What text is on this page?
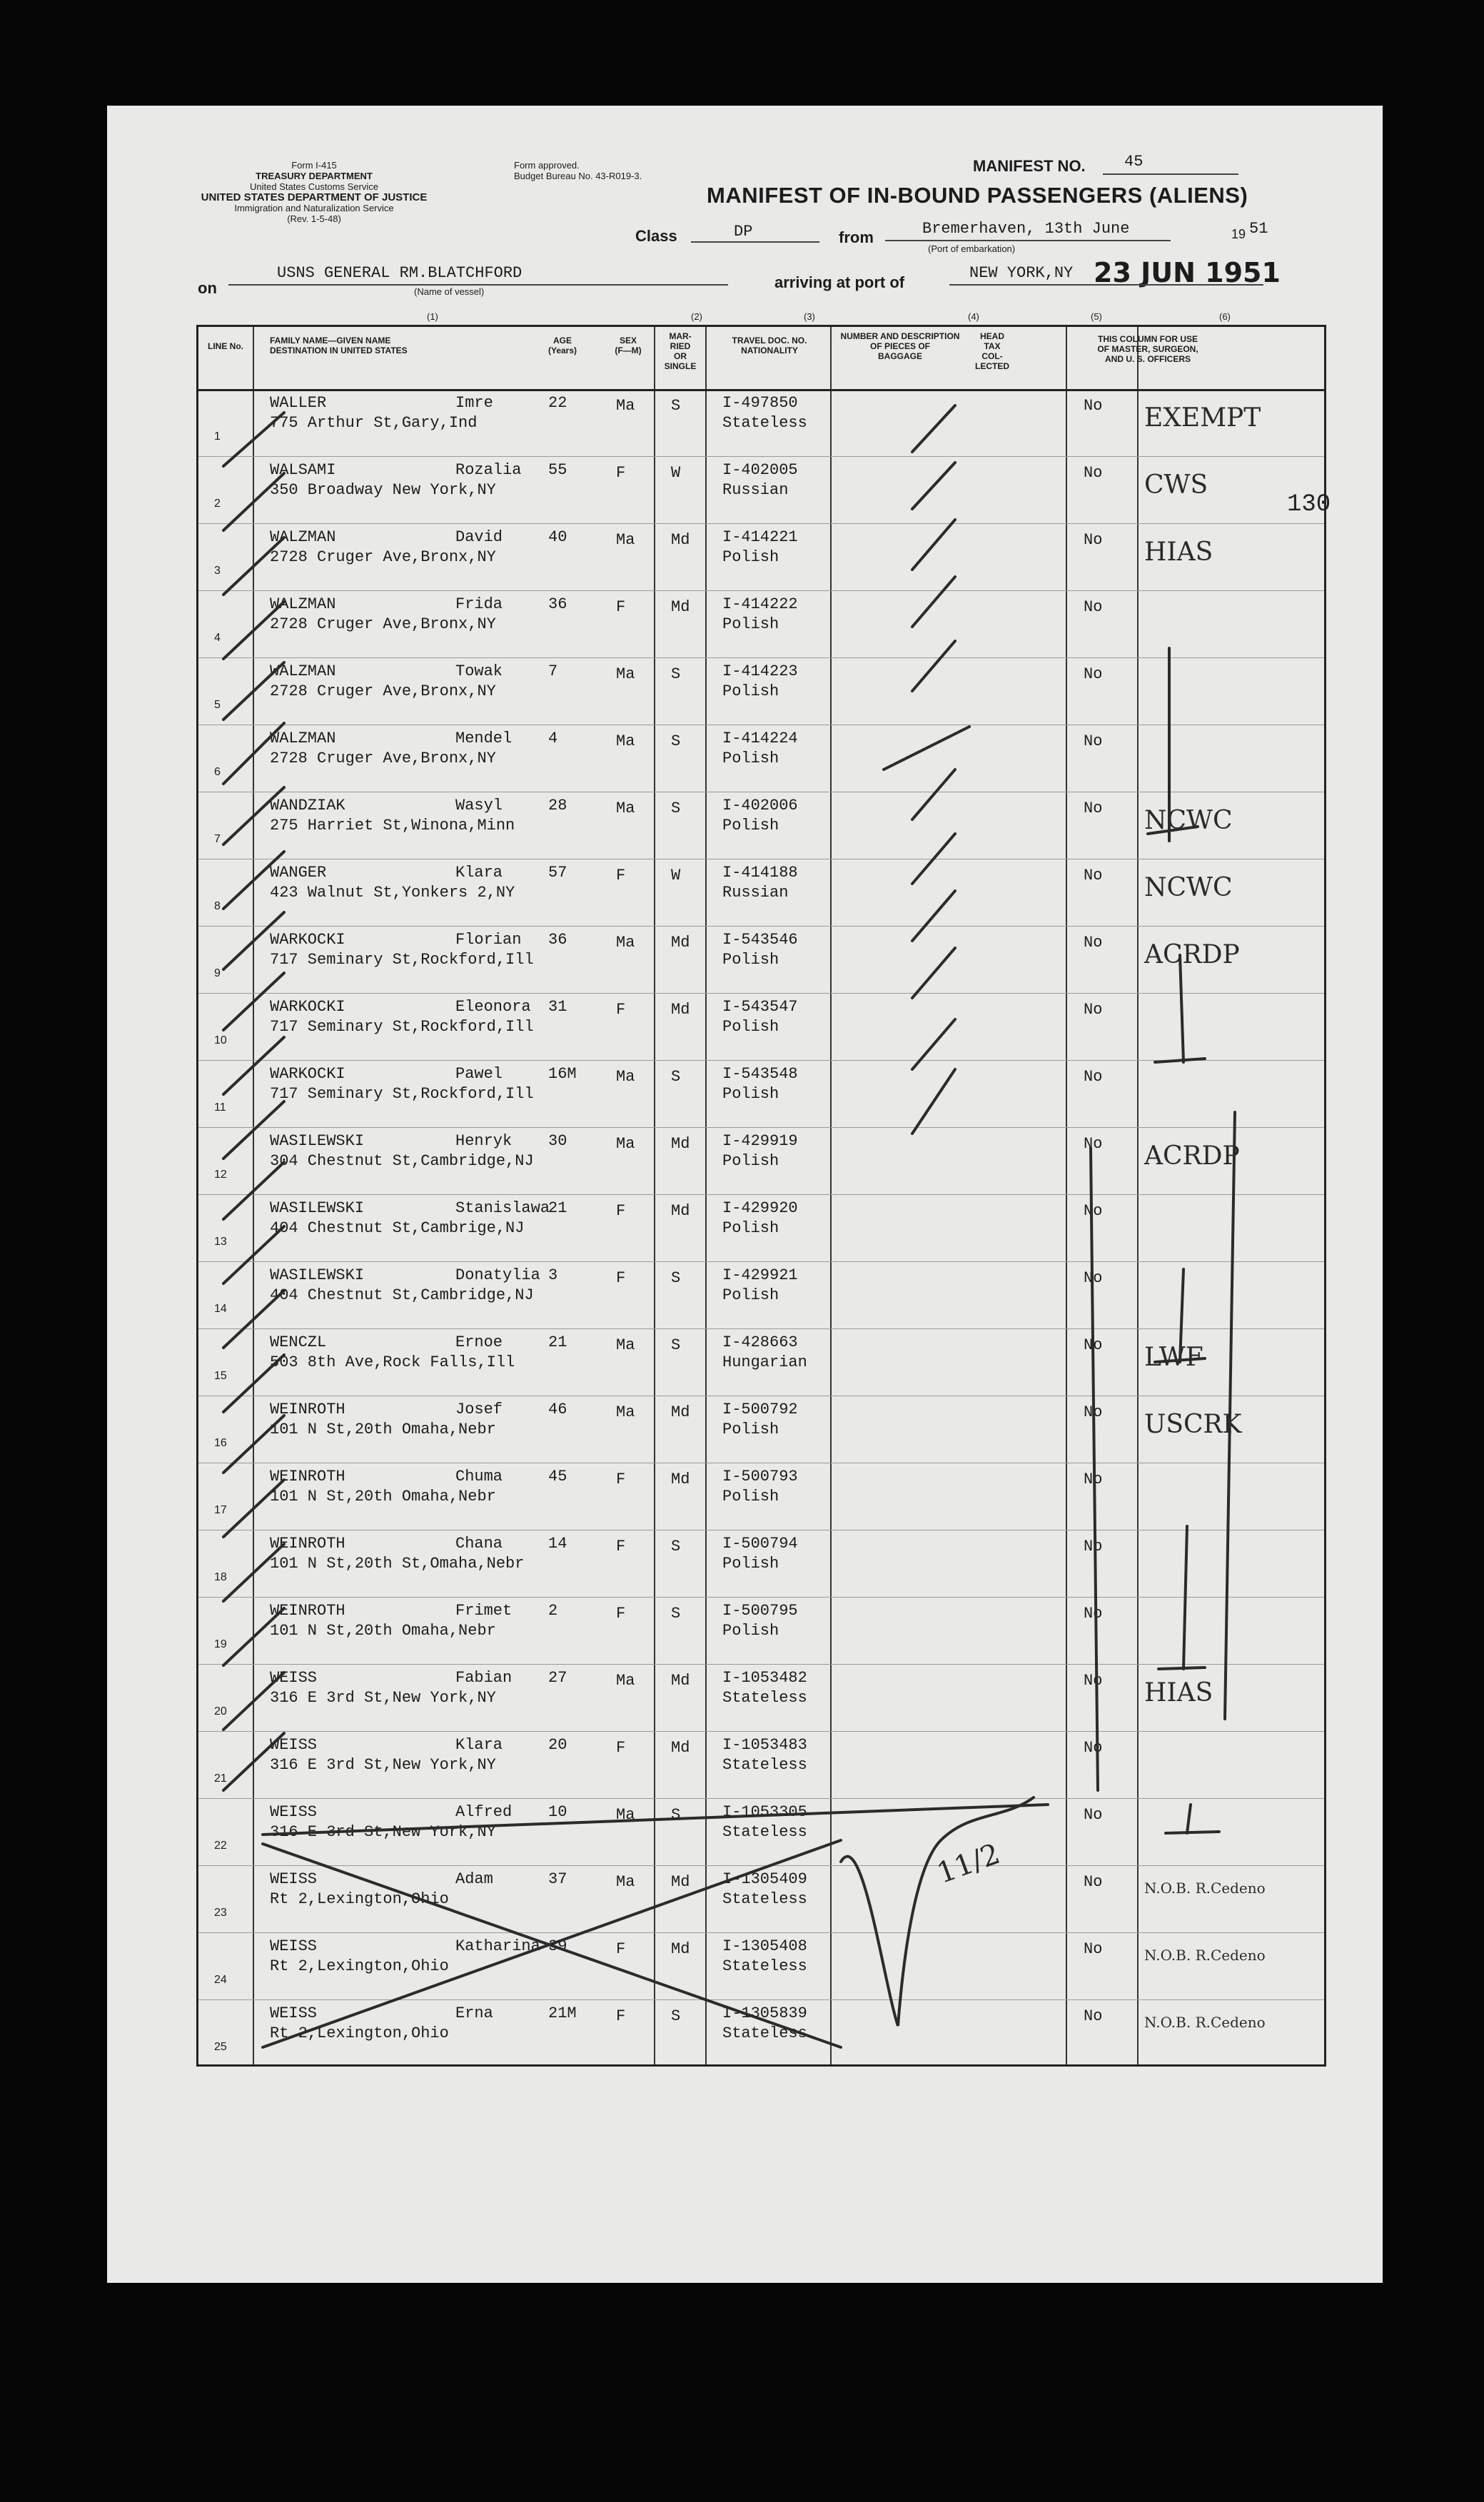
Form I-415
TREASURY DEPARTMENT
United States Customs Service
UNITED STATES DEPARTMENT OF JUSTICE
Immigration and Naturalization Service
(Rev. 1-5-48)
Form approved.
Budget Bureau No. 43-R019-3.
MANIFEST NO. 45
MANIFEST OF IN-BOUND PASSENGERS (ALIENS)
Class	DP	from	Bremerhaven, 13th June	19 51
(Port of embarkation)
on
USNS GENERAL RM.BLATCHFORD
(Name of vessel)
arriving at port of
NEW YORK,NY 23 JUN 1951
(1)	(2)	(3)	(4)	(5)	(6)
LINE No.
FAMILY NAME—GIVEN NAME
DESTINATION IN UNITED STATES
AGE
(Years)
SEX
(F—M)
MAR-
RIED
OR
SINGLE
TRAVEL DOC. NO.
NATIONALITY
NUMBER AND DESCRIPTION
OF PIECES OF
BAGGAGE
HEAD
TAX
COL-
LECTED
THIS COLUMN FOR USE
OF MASTER, SURGEON,
AND U. S. OFFICERS
1
WALLER	Imre
775 Arthur St,Gary,Ind
22	Ma S	I-497850
Stateless
No EXEMPT
2
WALSAMI	Rozalia
350 Broadway New York,NY
55	F	W	I-402005
Russian
No CWS
3
WALZMAN	David
2728 Cruger Ave,Bronx,NY
40	Ma Md I-414221
Polish
No HIAS
4
WALZMAN	Frida
2728 Cruger Ave,Bronx,NY
36	F	Md I-414222
Polish
No
5
WALZMAN	Towak
2728 Cruger Ave,Bronx,NY
7	Ma S	I-414223
Polish
No
6
WALZMAN	Mendel
2728 Cruger Ave,Bronx,NY
4	Ma S	I-414224
Polish
No
7
WANDZIAK	Wasyl
275 Harriet St,Winona,Minn
28	Ma S	I-402006
Polish
No NCWC
8
WANGER	Klara
423 Walnut St,Yonkers 2,NY
57	F	W	I-414188
Russian
No NCWC
9
WARKOCKI	Florian
717 Seminary St,Rockford,Ill
36	Ma Md I-543546
Polish
No ACRDP
10
WARKOCKI	Eleonora
717 Seminary St,Rockford,Ill
31	F	Md I-543547
Polish
No
11
WARKOCKI	Pawel
717 Seminary St,Rockford,Ill
16M	Ma S	I-543548
Polish
No
12
WASILEWSKI	Henryk
304 Chestnut St,Cambridge,NJ
30	Ma Md I-429919
Polish
No ACRDP
13
WASILEWSKI	Stanislawa
404 Chestnut St,Cambrige,NJ
21	F	Md I-429920
Polish
No
14
WASILEWSKI	Donatylia
404 Chestnut St,Cambridge,NJ
3	F	S	I-429921
Polish
No
15
WENCZL	Ernoe
503 8th Ave,Rock Falls,Ill
21	Ma S	I-428663
Hungarian
No LWF
16
WEINROTH	Josef
101 N St,20th Omaha,Nebr
46	Ma Md I-500792
Polish
No USCRK
17
WEINROTH	Chuma
101 N St,20th Omaha,Nebr
45	F	Md I-500793
Polish
No
18
WEINROTH	Chana
101 N St,20th St,Omaha,Nebr
14	F	S	I-500794
Polish
No
19
WEINROTH	Frimet
101 N St,20th Omaha,Nebr
2	F	S	I-500795
Polish
No
20
WEISS	Fabian
316 E 3rd St,New York,NY
27	Ma Md I-1053482
Stateless
No HIAS
21
WEISS	Klara
316 E 3rd St,New York,NY
20	F	Md I-1053483
Stateless
No
22
WEISS	Alfred
316 E 3rd St,New York,NY
10	Ma S	I-1053305
Stateless
No
23
WEISS	Adam
Rt 2,Lexington,Ohio
37	Ma Md I-1305409
Stateless
No	N.O.B. R.Cedeno
24
WEISS	Katharina
Rt 2,Lexington,Ohio
39	F	Md I-1305408
Stateless
No	N.O.B. R.Cedeno
25
WEISS	Erna
Rt 2,Lexington,Ohio
21M	F	S	I-1305839
Stateless
No	N.O.B. R.Cedeno
130
11/2
